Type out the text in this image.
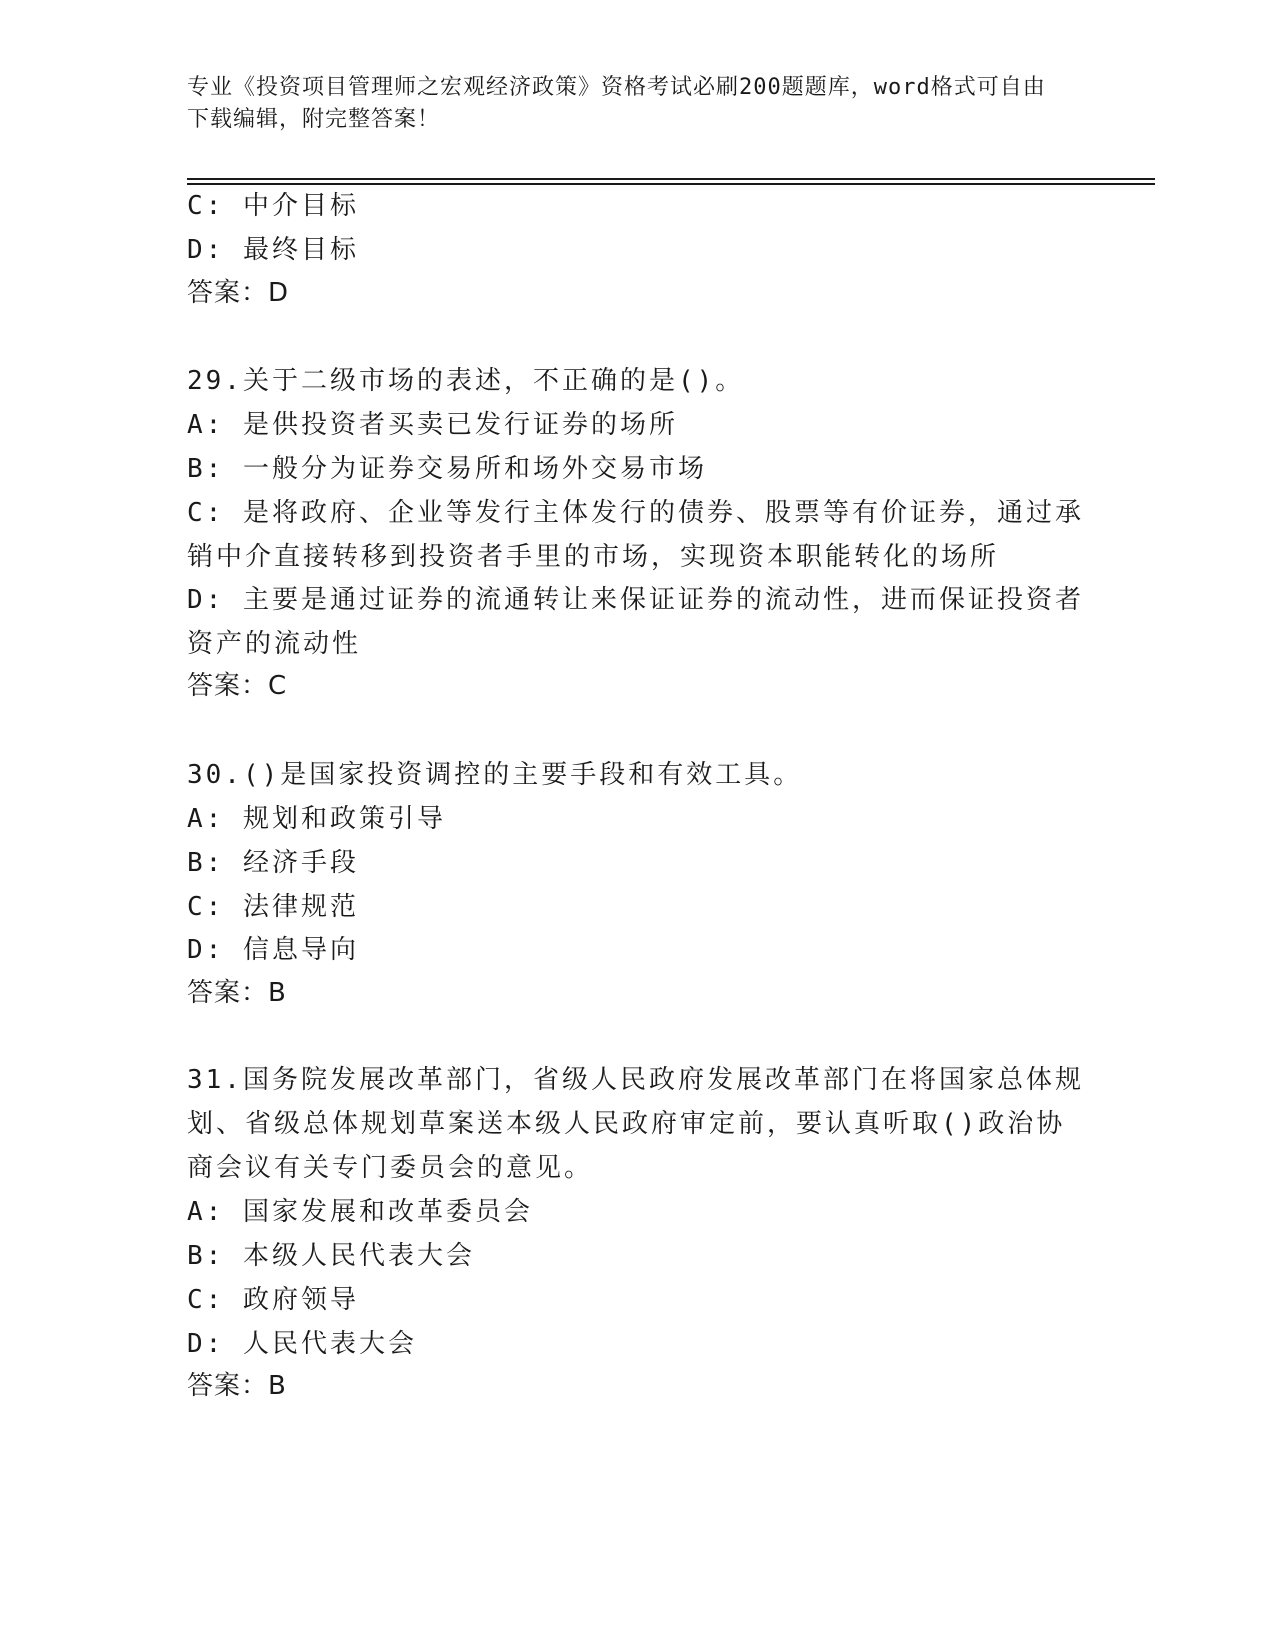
专业《投资项目管理师之宏观经济政策》资格考试必刷200题题库，word格式可自由下载编辑，附完整答案！
C: 中介目标
D: 最终目标
答案：D
29.关于二级市场的表述，不正确的是()。
A: 是供投资者买卖已发行证券的场所
B: 一般分为证券交易所和场外交易市场
C: 是将政府、企业等发行主体发行的债券、股票等有价证券，通过承
销中介直接转移到投资者手里的市场，实现资本职能转化的场所
D: 主要是通过证券的流通转让来保证证券的流动性，进而保证投资者
资产的流动性
答案：C
30.()是国家投资调控的主要手段和有效工具。
A: 规划和政策引导
B: 经济手段
C: 法律规范
D: 信息导向
答案：B
31.国务院发展改革部门，省级人民政府发展改革部门在将国家总体规
划、省级总体规划草案送本级人民政府审定前，要认真听取()政治协
商会议有关专门委员会的意见。
A: 国家发展和改革委员会
B: 本级人民代表大会
C: 政府领导
D: 人民代表大会
答案：B
